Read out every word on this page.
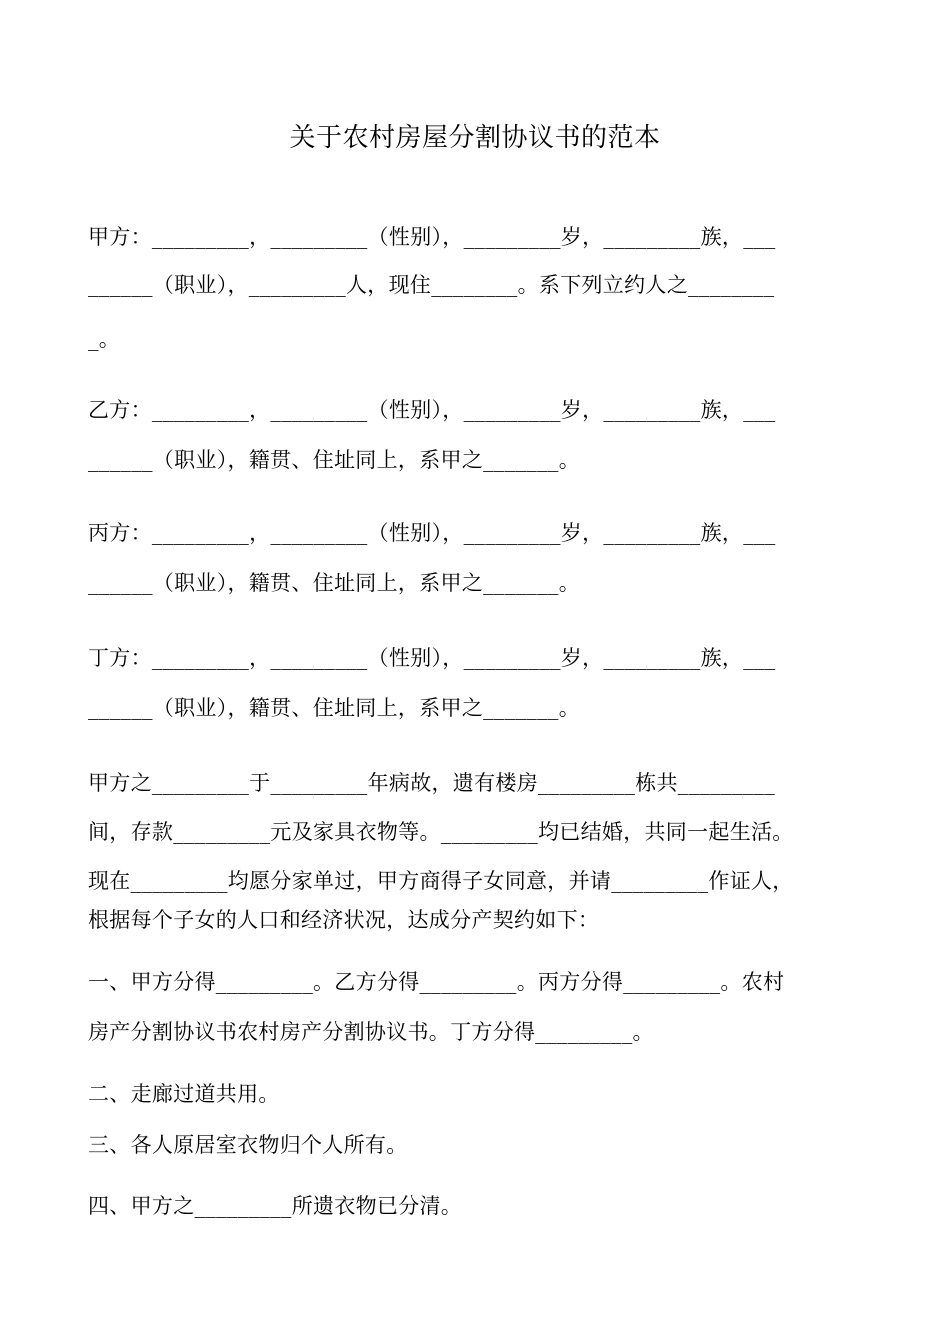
关于农村房屋分割协议书的范本
甲方：_________，_________（性别），_________岁，_________族，___
______（职业），_________人，现住________。系下列立约人之________
_。
乙方：_________，_________（性别），_________岁，_________族，___
______（职业），籍贯、住址同上，系甲之_______。
丙方：_________，_________（性别），_________岁，_________族，___
______（职业），籍贯、住址同上，系甲之_______。
丁方：_________，_________（性别），_________岁，_________族，___
______（职业），籍贯、住址同上，系甲之_______。
甲方之_________于_________年病故，遗有楼房_________栋共_________
间，存款_________元及家具衣物等。_________均已结婚，共同一起生活。
现在_________均愿分家单过，甲方商得子女同意，并请_________作证人，
根据每个子女的人口和经济状况，达成分产契约如下：
一、甲方分得_________。乙方分得_________。丙方分得_________。农村
房产分割协议书农村房产分割协议书。丁方分得_________。
二、走廊过道共用。
三、各人原居室衣物归个人所有。
四、甲方之_________所遗衣物已分清。
